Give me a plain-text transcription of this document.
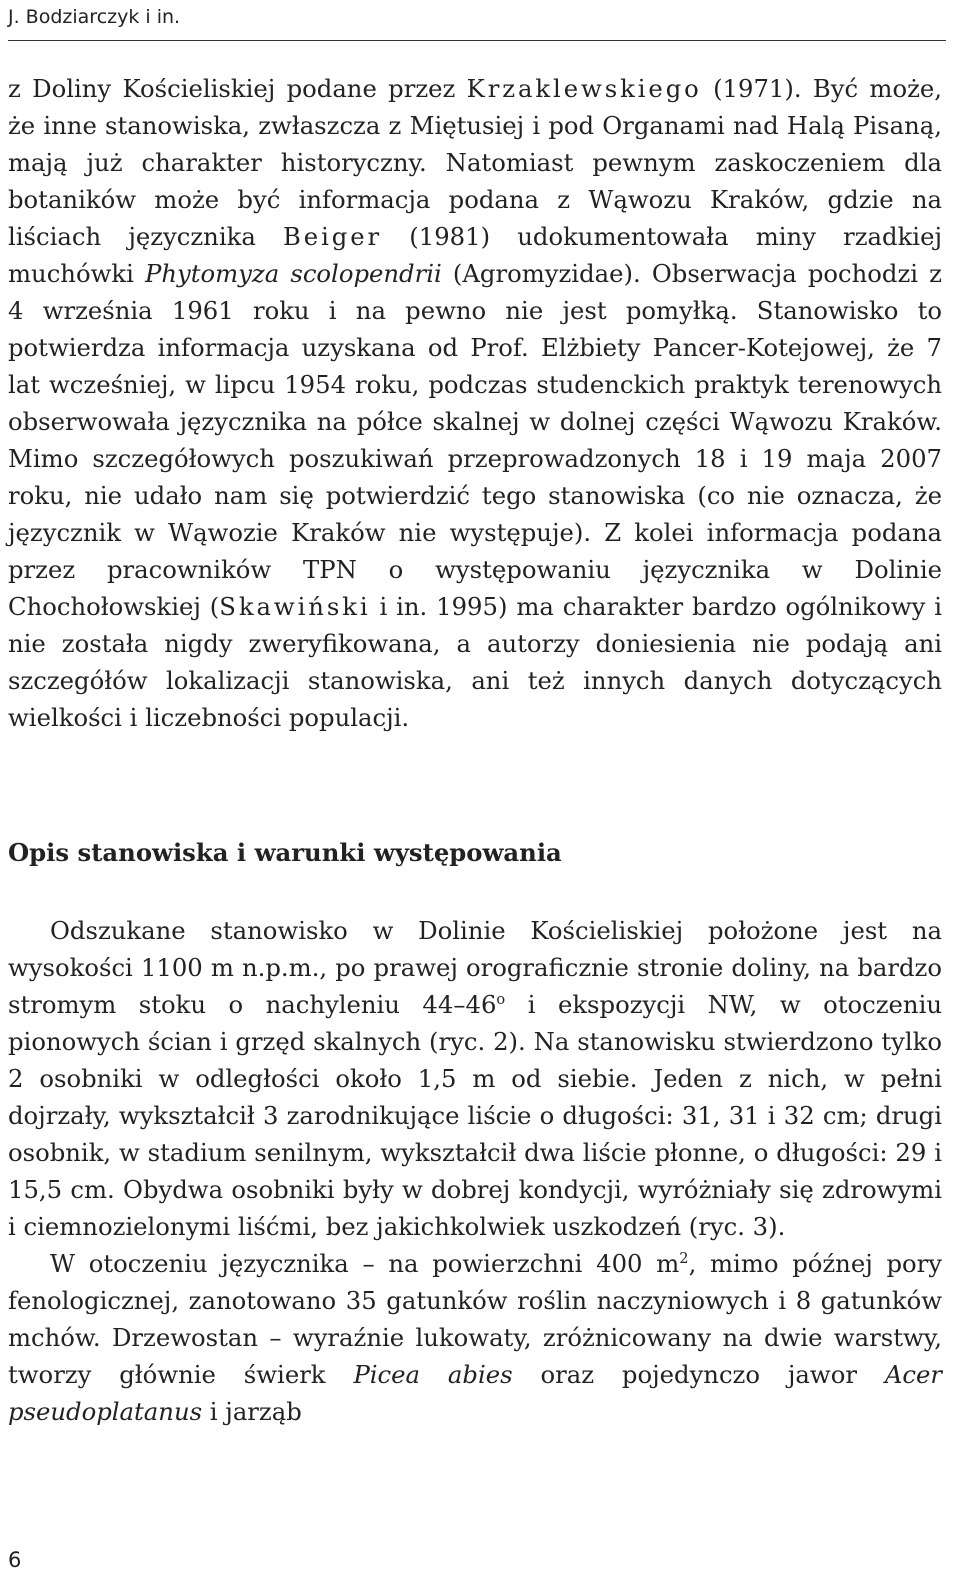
J. Bodziarczyk i in.

z Doliny Kościeliskiej podane przez Krzaklewskiego (1971). Być może, że inne stanowiska, zwłaszcza z Miętusiej i pod Organami nad Halą Pisaną, mają już charakter historyczny. Natomiast pewnym zaskoczeniem dla botaników może być informacja podana z Wąwozu Kraków, gdzie na liściach języcznika Beiger (1981) udokumentowała miny rzadkiej muchówki Phytomyza scolopendrii (Agromyzidae). Obserwacja pochodzi z 4 września 1961 roku i na pewno nie jest pomyłką. Stanowisko to potwierdza informacja uzyskana od Prof. Elżbiety Pancer-Kotejowej, że 7 lat wcześniej, w lipcu 1954 roku, podczas studenckich praktyk terenowych obserwowała języcznika na półce skalnej w dolnej części Wąwozu Kraków. Mimo szczegółowych poszukiwań przeprowadzonych 18 i 19 maja 2007 roku, nie udało nam się potwierdzić tego stanowiska (co nie oznacza, że języcznik w Wąwozie Kraków nie występuje). Z kolei informacja podana przez pracowników TPN o występowaniu języcznika w Dolinie Chochołowskiej (Skawiński i in. 1995) ma charakter bardzo ogólnikowy i nie została nigdy zweryfikowana, a autorzy doniesienia nie podają ani szczegółów lokalizacji stanowiska, ani też innych danych dotyczących wielkości i liczebności populacji.

Opis stanowiska i warunki występowania

Odszukane stanowisko w Dolinie Kościeliskiej położone jest na wysokości 1100 m n.p.m., po prawej orograficznie stronie doliny, na bardzo stromym stoku o nachyleniu 44–46$^o$ i ekspozycji NW, w otoczeniu pionowych ścian i grzęd skalnych (ryc. 2). Na stanowisku stwierdzono tylko 2 osobniki w odległości około 1,5 m od siebie. Jeden z nich, w pełni dojrzały, wykształcił 3 zarodnikujące liście o długości: 31, 31 i 32 cm; drugi osobnik, w stadium senilnym, wykształcił dwa liście płonne, o długości: 29 i 15,5 cm. Obydwa osobniki były w dobrej kondycji, wyróżniały się zdrowymi i ciemnozielonymi liśćmi, bez jakichkolwiek uszkodzeń (ryc. 3).

W otoczeniu języcznika – na powierzchni 400 $m^2$, mimo późnej pory fenologicznej, zanotowano 35 gatunków roślin naczyniowych i 8 gatunków mchów. Drzewostan – wyraźnie lukowaty, zróżnicowany na dwie warstwy, tworzy głównie świerk Picea abies oraz pojedynczo jawor Acer pseudoplatanus i jarząb

6
